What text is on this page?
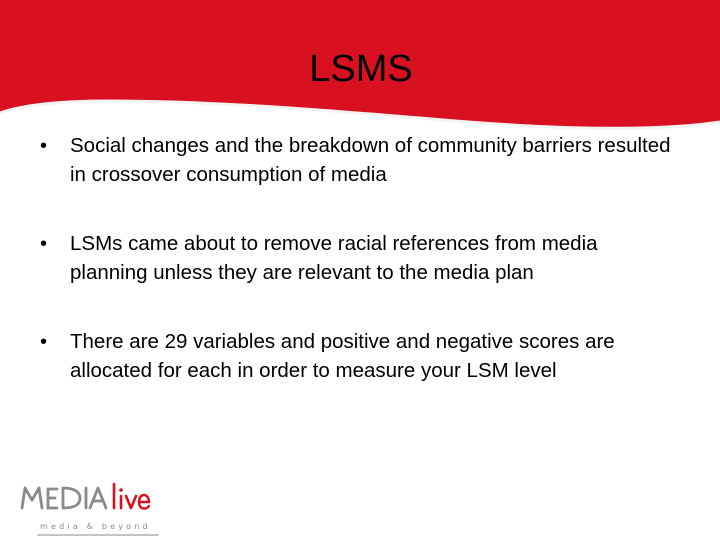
LSMS
•	Social changes and the breakdown of community barriers resulted in crossover consumption of media
•	LSMs came about to remove racial references from media planning unless they are relevant to the media plan
•	There are 29 variables and positive and negative scores are allocated for each in order to measure your LSM level
media & beyond
